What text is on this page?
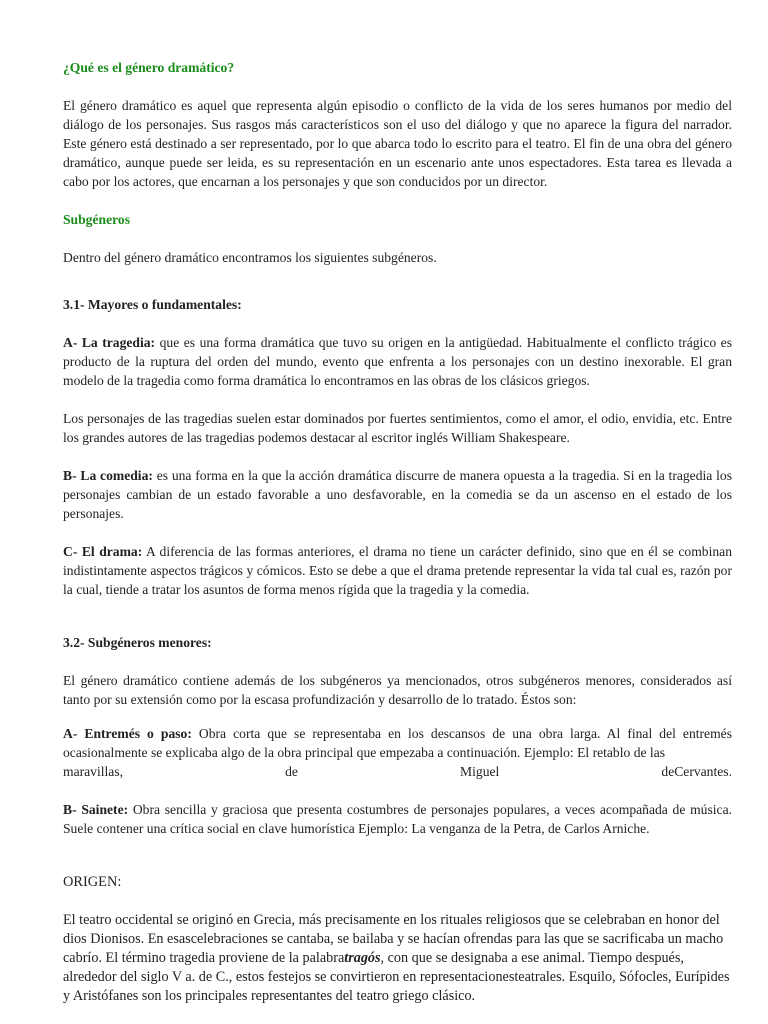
¿Qué es el género dramático?

El género dramático es aquel que representa algún episodio o conflicto de la vida de los seres humanos por medio del diálogo de los personajes. Sus rasgos más característicos son el uso del diálogo y que no aparece la figura del narrador. Este género está destinado a ser representado, por lo que abarca todo lo escrito para el teatro. El fin de una obra del género dramático, aunque puede ser leida, es su representación en un escenario ante unos espectadores. Esta tarea es llevada a cabo por los actores, que encarnan a los personajes y que son conducidos por un director.

Subgéneros

Dentro del género dramático encontramos los siguientes subgéneros.

3.1- Mayores o fundamentales:

A- La tragedia: que es una forma dramática que tuvo su origen en la antigüedad. Habitualmente el conflicto trágico es producto de la ruptura del orden del mundo, evento que enfrenta a los personajes con un destino inexorable. El gran modelo de la tragedia como forma dramática lo encontramos en las obras de los clásicos griegos.

Los personajes de las tragedias suelen estar dominados por fuertes sentimientos, como el amor, el odio, envidia, etc. Entre los grandes autores de las tragedias podemos destacar al escritor inglés William Shakespeare.

B- La comedia: es una forma en la que la acción dramática discurre de manera opuesta a la tragedia. Si en la tragedia los personajes cambian de un estado favorable a uno desfavorable, en la comedia se da un ascenso en el estado de los personajes.

C- El drama: A diferencia de las formas anteriores, el drama no tiene un carácter definido, sino que en él se combinan indistintamente aspectos trágicos y cómicos. Esto se debe a que el drama pretende representar la vida tal cual es, razón por la cual, tiende a tratar los asuntos de forma menos rígida que la tragedia y la comedia.

3.2- Subgéneros menores:

El género dramático contiene además de los subgéneros ya mencionados, otros subgéneros menores, considerados así tanto por su extensión como por la escasa profundización y desarrollo de lo tratado. Éstos son:

A- Entremés o paso: Obra corta que se representaba en los descansos de una obra larga. Al final del entremés ocasionalmente se explicaba algo de la obra principal que empezaba a continuación. Ejemplo: El retablo de las

maravillas,	de	Miguel	deCervantes.

B- Sainete: Obra sencilla y graciosa que presenta costumbres de personajes populares, a veces acompañada de música. Suele contener una crítica social en clave humorística Ejemplo: La venganza de la Petra, de Carlos Arniche.

ORIGEN:

El teatro occidental se originó en Grecia, más precisamente en los rituales religiosos que se celebraban en honor del dios Dionisos. En esascelebraciones se cantaba, se bailaba y se hacían ofrendas para las que se sacrificaba un macho cabrío. El término tragedia proviene de la palabratragós, con que se designaba a ese animal. Tiempo después, alrededor del siglo V a. de C., estos festejos se convirtieron en representacionesteatrales. Esquilo, Sófocles, Eurípides y Aristófanes son los principales representantes del teatro griego clásico.
